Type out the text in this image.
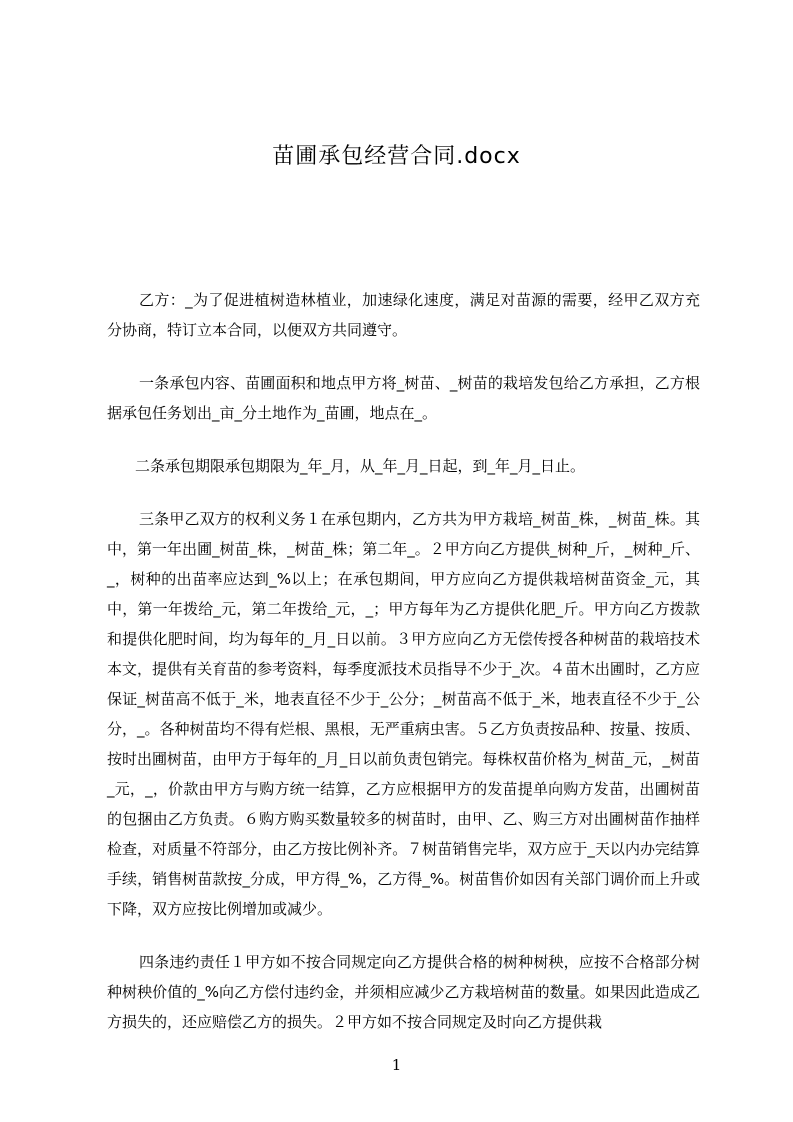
苗圃承包经营合同.docx

乙方：_为了促进植树造林植业，加速绿化速度，满足对苗源的需要，经甲乙双方充分协商，特订立本合同，以便双方共同遵守。

一条承包内容、苗圃面积和地点甲方将_树苗、_树苗的栽培发包给乙方承担，乙方根据承包任务划出_亩_分土地作为_苗圃，地点在_。

二条承包期限承包期限为_年_月，从_年_月_日起，到_年_月_日止。

三条甲乙双方的权利义务１在承包期内，乙方共为甲方栽培_树苗_株，_树苗_株。其中，第一年出圃_树苗_株，_树苗_株；第二年_。２甲方向乙方提供_树种_斤，_树种_斤、_，树种的出苗率应达到_%以上；在承包期间，甲方应向乙方提供栽培树苗资金_元，其中，第一年拨给_元，第二年拨给_元，_；甲方每年为乙方提供化肥_斤。甲方向乙方拨款和提供化肥时间，均为每年的_月_日以前。３甲方应向乙方无偿传授各种树苗的栽培技术本文，提供有关育苗的参考资料，每季度派技术员指导不少于_次。４苗木出圃时，乙方应保证_树苗高不低于_米，地表直径不少于_公分；_树苗高不低于_米，地表直径不少于_公分，_。各种树苗均不得有烂根、黑根，无严重病虫害。５乙方负责按品种、按量、按质、按时出圃树苗，由甲方于每年的_月_日以前负责包销完。每株权苗价格为_树苗_元，_树苗_元，_，价款由甲方与购方统一结算，乙方应根据甲方的发苗提单向购方发苗，出圃树苗的包捆由乙方负责。６购方购买数量较多的树苗时，由甲、乙、购三方对出圃树苗作抽样检查，对质量不符部分，由乙方按比例补齐。７树苗销售完毕，双方应于_天以内办完结算手续，销售树苗款按_分成，甲方得_%，乙方得_%。树苗售价如因有关部门调价而上升或下降，双方应按比例增加或减少。

四条违约责任１甲方如不按合同规定向乙方提供合格的树种树秧，应按不合格部分树种树秧价值的_%向乙方偿付违约金，并须相应减少乙方栽培树苗的数量。如果因此造成乙方损失的，还应赔偿乙方的损失。２甲方如不按合同规定及时向乙方提供栽

1
